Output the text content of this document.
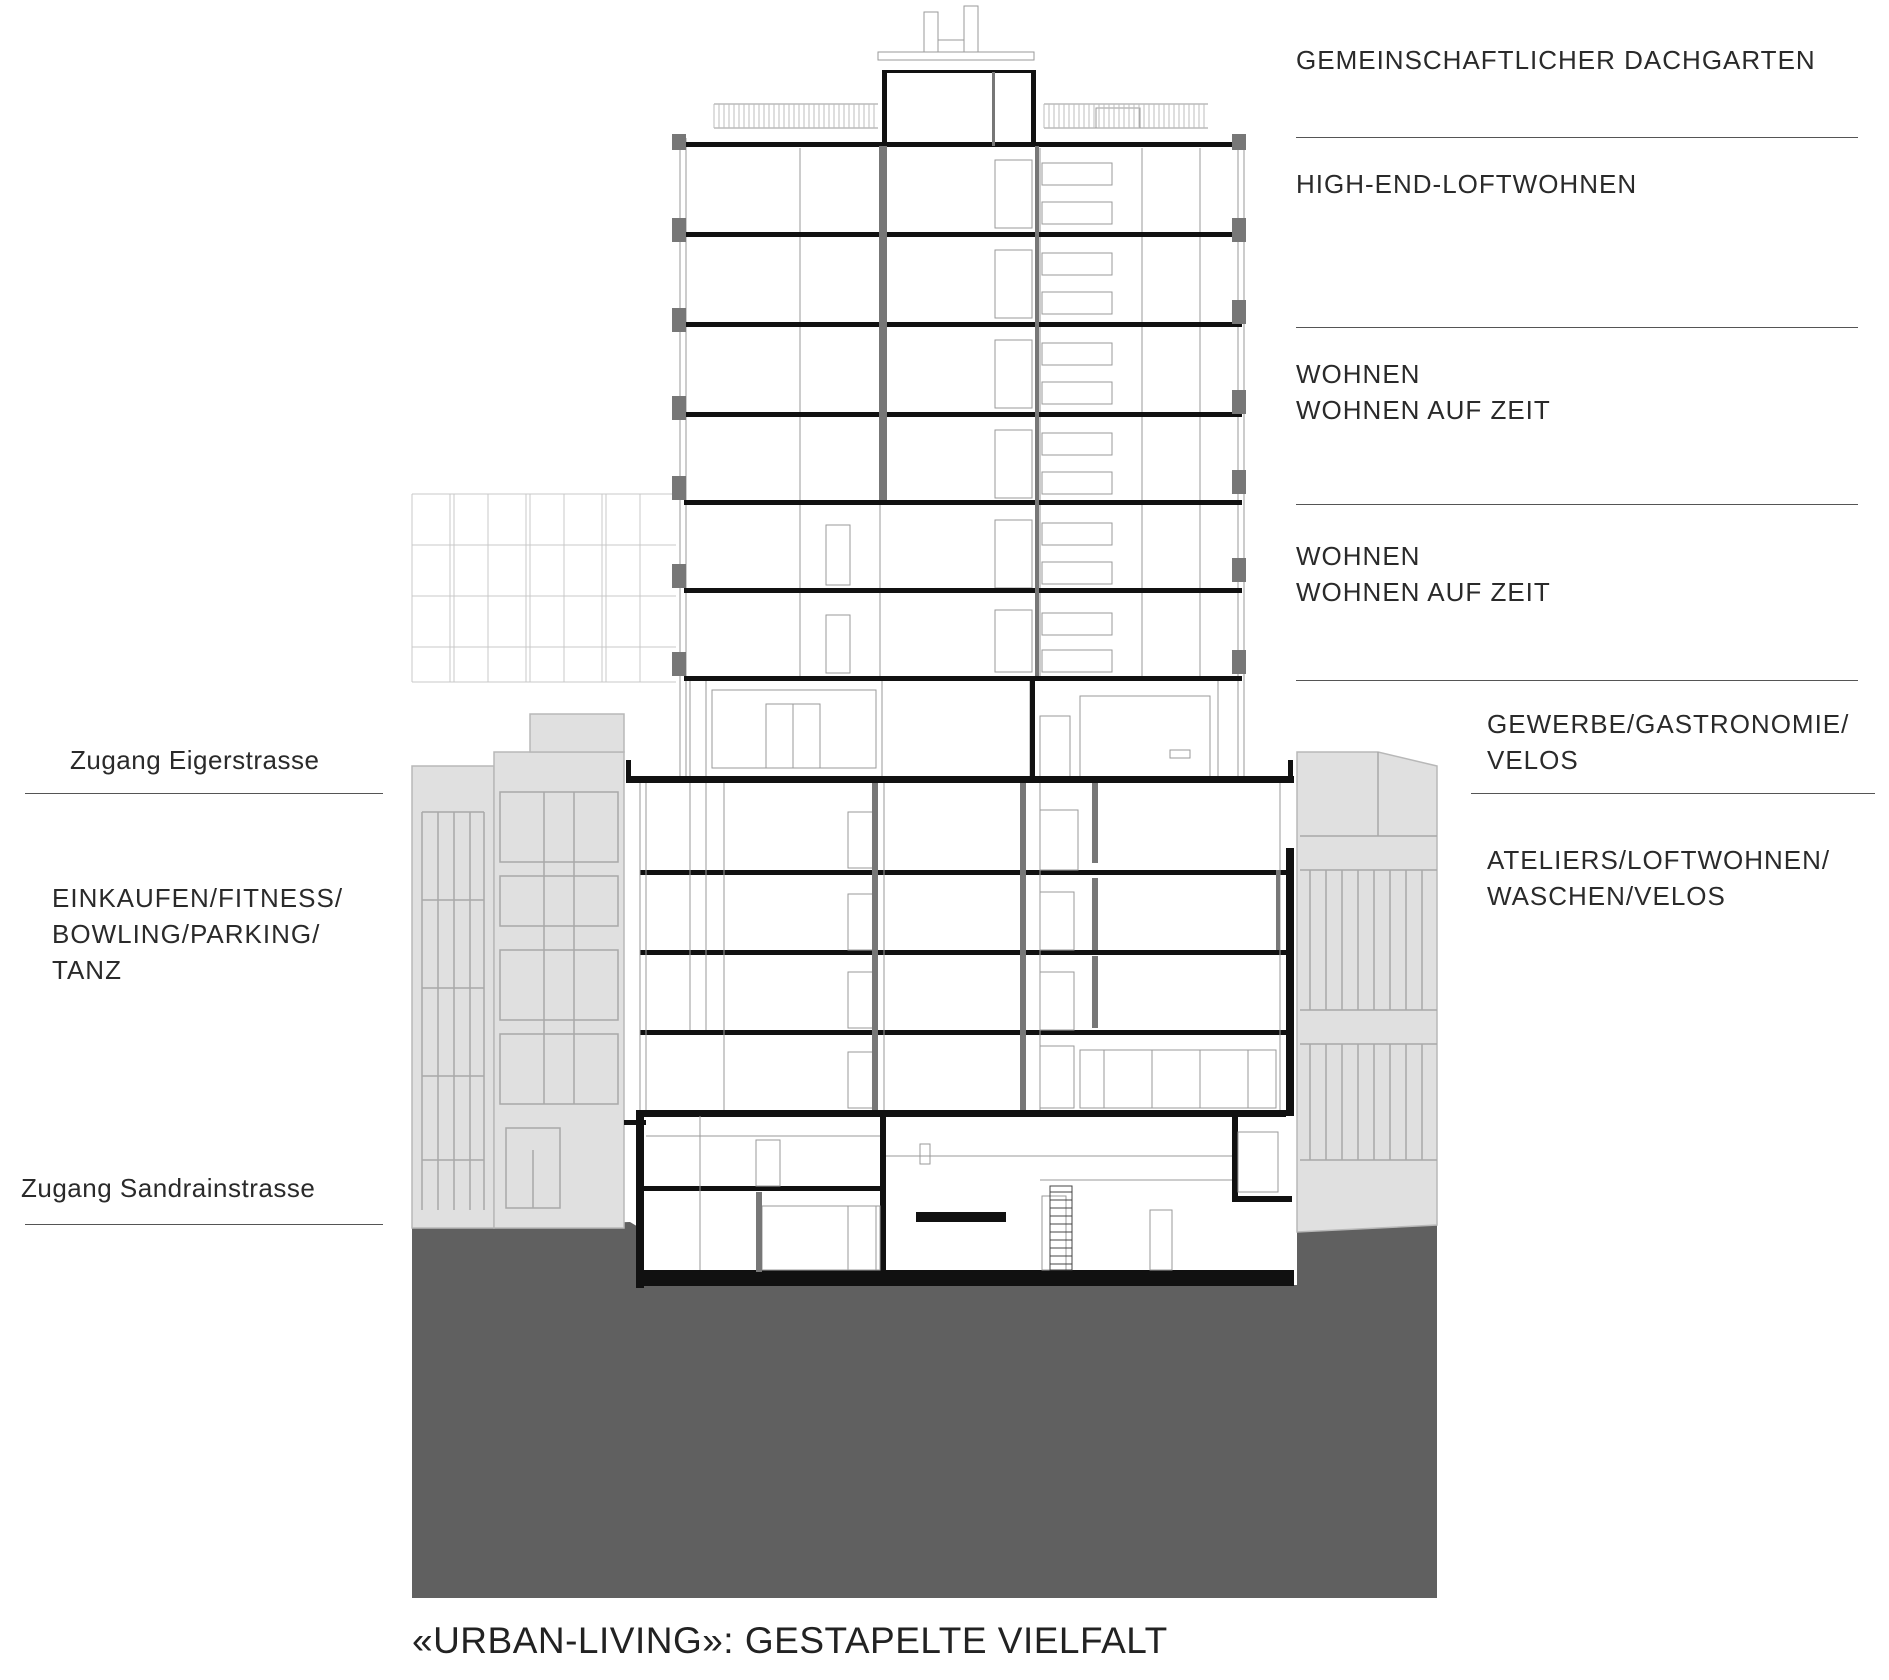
GEMEINSCHAFTLICHER DACHGARTEN
HIGH-END-LOFTWOHNEN
WOHNEN
WOHNEN AUF ZEIT
WOHNEN
WOHNEN AUF ZEIT
GEWERBE/GASTRONOMIE/
VELOS
ATELIERS/LOFTWOHNEN/
WASCHEN/VELOS
Zugang Eigerstrasse
EINKAUFEN/FITNESS/
BOWLING/PARKING/
TANZ
Zugang Sandrainstrasse
«URBAN-LIVING»: GESTAPELTE VIELFALT
